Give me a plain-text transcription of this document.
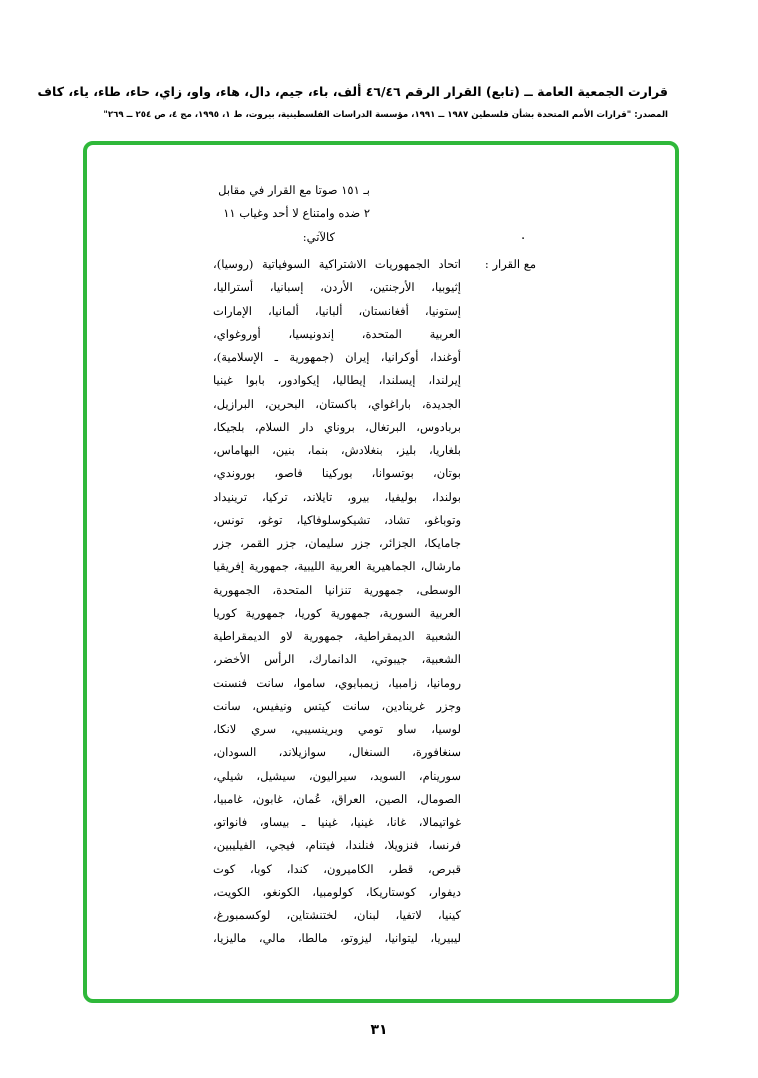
قرارت الجمعية العامة ــ (تابع) القرار الرقم ٤٦/٤٦ ألف، باء، جيم، دال، هاء، واو، زاي، حاء، طاء، ياء، كاف
المصدر: "قرارات الأمم المتحدة بشأن فلسطين ١٩٨٧ ــ ١٩٩١، مؤسسة الدراسات الفلسطينية، بيروت، ط ١، ١٩٩٥، مج ٤، ص ٢٥٤ ــ ٢٦٩"
بـ ١٥١ صوتا مع القرار في مقابل
٢ ضده وامتناع لا أحد وغياب ١١
كالآتي:	.
مع القرار :
اتحاد الجمهوريات الاشتراكية السوفياتية (روسيا)،
إثيوبيا، الأرجنتين، الأردن، إسبانيا، أستراليا،
إستونيا، أفغانستان، ألبانيا، ألمانيا، الإمارات
العربية المتحدة، إندونيسيا، أوروغواي،
أوغندا، أوكرانيا، إيران (جمهورية ـ الإسلامية)،
إيرلندا، إيسلندا، إيطاليا، إيكوادور، بابوا غينيا
الجديدة، باراغواي، باكستان، البحرين، البرازيل،
بربادوس، البرتغال، بروناي دار السلام، بلجيكا،
بلغاريا، بليز، بنغلادش، بنما، بنين، البهاماس،
بوتان، بوتسوانا، بوركينا فاصو، بوروندي،
بولندا، بوليفيا، بيرو، تايلاند، تركيا، ترينيداد
وتوباغو، تشاد، تشيكوسلوفاكيا، توغو، تونس،
جامايكا، الجزائر، جزر سليمان، جزر القمر، جزر
مارشال، الجماهيرية العربية الليبية، جمهورية إفريقيا
الوسطى، جمهورية تنزانيا المتحدة، الجمهورية
العربية السورية، جمهورية كوريا، جمهورية كوريا
الشعبية الديمقراطية، جمهورية لاو الديمقراطية
الشعبية، جيبوتي، الدانمارك، الرأس الأخضر،
رومانيا، زامبيا، زيمبابوي، ساموا، سانت فنسنت
وجزر غرينادين، سانت كيتس ونيفيس، سانت
لوسيا، ساو تومي وبرينسيبي، سري لانكا،
سنغافورة، السنغال، سوازيلاند، السودان،
سورينام، السويد، سيراليون، سيشيل، شيلي،
الصومال، الصين، العراق، عُمان، غابون، غامبيا،
غواتيمالا، غانا، غينيا، غينيا ـ بيساو، فانواتو،
فرنسا، فنزويلا، فنلندا، فيتنام، فيجي، الفيليبين،
قبرص، قطر، الكاميرون، كندا، كوبا، كوت
ديفوار، كوستاريكا، كولومبيا، الكونغو، الكويت،
كينيا، لاتفيا، لبنان، لختنشتاين، لوكسمبورغ،
ليبيريا، ليتوانيا، ليزوتو، مالطا، مالي، ماليزيا،
٣١
